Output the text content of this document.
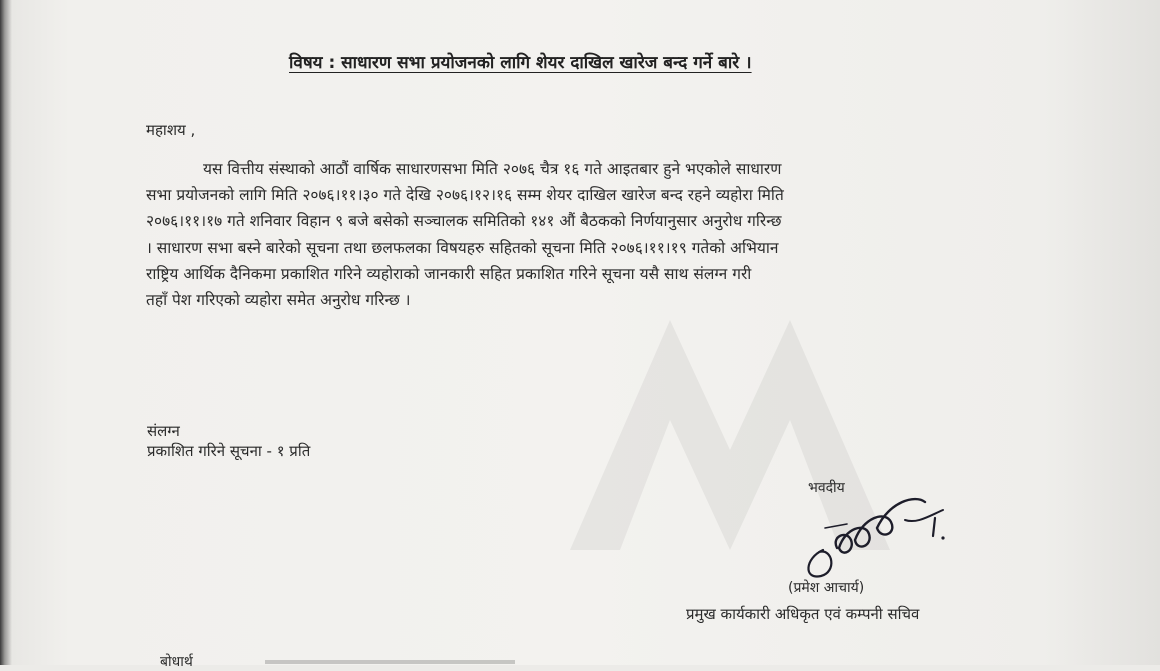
विषय : साधारण सभा प्रयोजनको लागि शेयर दाखिल खारेज बन्द गर्ने बारे ।
महाशय ,
यस वित्तीय संस्थाको आठौं वार्षिक साधारणसभा मिति २०७६ चैत्र १६ गते आइतबार हुने भएकोले साधारण
सभा प्रयोजनको लागि मिति २०७६।११।३० गते देखि २०७६।१२।१६ सम्म शेयर दाखिल खारेज बन्द रहने व्यहोरा मिति
२०७६।११।१७ गते शनिवार विहान ९ बजे बसेको सञ्चालक समितिको १४१ औं बैठकको निर्णयानुसार अनुरोध गरिन्छ
। साधारण सभा बस्ने बारेको सूचना तथा छलफलका विषयहरु सहितको सूचना मिति २०७६।११।१९ गतेको अभियान
राष्ट्रिय आर्थिक दैनिकमा प्रकाशित गरिने व्यहोराको जानकारी सहित प्रकाशित गरिने सूचना यसै साथ संलग्न गरी
तहाँ पेश गरिएको व्यहोरा समेत अनुरोध गरिन्छ ।
संलग्न
प्रकाशित गरिने सूचना - १ प्रति
भवदीय
(प्रमेश आचार्य)
प्रमुख कार्यकारी अधिकृत एवं कम्पनी सचिव
बोधार्थ
